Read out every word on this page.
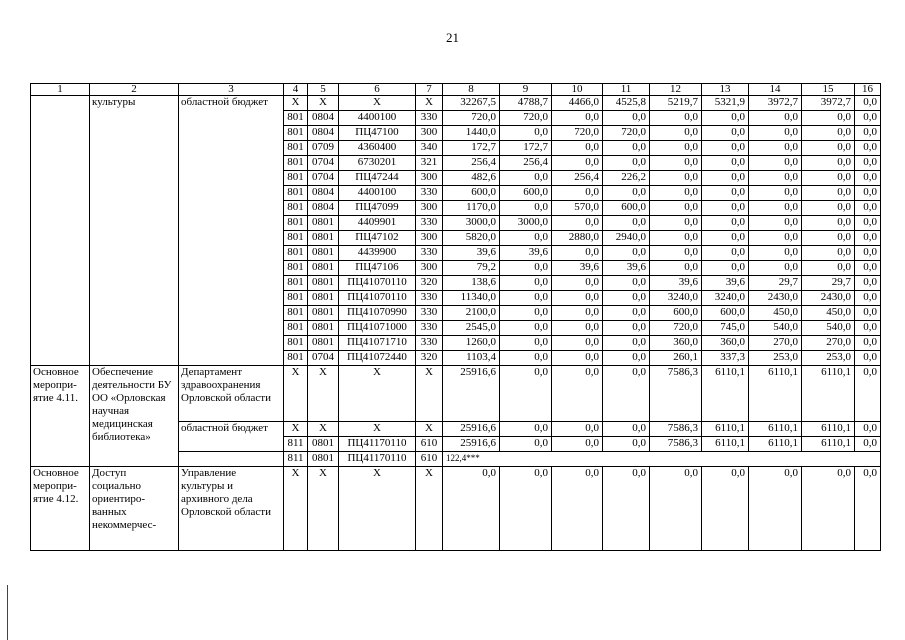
21
1	2	3	4	5	6	7	8	9	10	11	12	13	14	15	16
	культуры	областной бюджет	Х	Х	Х	Х	32267,5	4788,7	4466,0	4525,8	5219,7	5321,9	3972,7	3972,7	0,0
			801	0804	4400100	330	720,0	720,0	0,0	0,0	0,0	0,0	0,0	0,0	0,0
			801	0804	ПЦ47100	300	1440,0	0,0	720,0	720,0	0,0	0,0	0,0	0,0	0,0
			801	0709	4360400	340	172,7	172,7	0,0	0,0	0,0	0,0	0,0	0,0	0,0
			801	0704	6730201	321	256,4	256,4	0,0	0,0	0,0	0,0	0,0	0,0	0,0
			801	0704	ПЦ47244	300	482,6	0,0	256,4	226,2	0,0	0,0	0,0	0,0	0,0
			801	0804	4400100	330	600,0	600,0	0,0	0,0	0,0	0,0	0,0	0,0	0,0
			801	0804	ПЦ47099	300	1170,0	0,0	570,0	600,0	0,0	0,0	0,0	0,0	0,0
			801	0801	4409901	330	3000,0	3000,0	0,0	0,0	0,0	0,0	0,0	0,0	0,0
			801	0801	ПЦ47102	300	5820,0	0,0	2880,0	2940,0	0,0	0,0	0,0	0,0	0,0
			801	0801	4439900	330	39,6	39,6	0,0	0,0	0,0	0,0	0,0	0,0	0,0
			801	0801	ПЦ47106	300	79,2	0,0	39,6	39,6	0,0	0,0	0,0	0,0	0,0
			801	0801	ПЦ41070110	320	138,6	0,0	0,0	0,0	39,6	39,6	29,7	29,7	0,0
			801	0801	ПЦ41070110	330	11340,0	0,0	0,0	0,0	3240,0	3240,0	2430,0	2430,0	0,0
			801	0801	ПЦ41070990	330	2100,0	0,0	0,0	0,0	600,0	600,0	450,0	450,0	0,0
			801	0801	ПЦ41071000	330	2545,0	0,0	0,0	0,0	720,0	745,0	540,0	540,0	0,0
			801	0801	ПЦ41071710	330	1260,0	0,0	0,0	0,0	360,0	360,0	270,0	270,0	0,0
			801	0704	ПЦ41072440	320	1103,4	0,0	0,0	0,0	260,1	337,3	253,0	253,0	0,0
Основное меропри-ятие 4.11.	Обеспечение деятельности БУ ОО «Орловская научная медицинская библиотека»	Департамент здравоохранения Орловской области	Х	Х	Х	Х	25916,6	0,0	0,0	0,0	7586,3	6110,1	6110,1	6110,1	0,0
		областной бюджет	Х	Х	Х	Х	25916,6	0,0	0,0	0,0	7586,3	6110,1	6110,1	6110,1	0,0
			811	0801	ПЦ41170110	610	25916,6	0,0	0,0	0,0	7586,3	6110,1	6110,1	6110,1	0,0
			811	0801	ПЦ41170110	610	122,4***								
Основное меропри-ятие 4.12.	Доступ социально ориентиро-ванных некоммерчес-	Управление культуры и архивного дела Орловской области	Х	Х	Х	Х	0,0	0,0	0,0	0,0	0,0	0,0	0,0	0,0	0,0
